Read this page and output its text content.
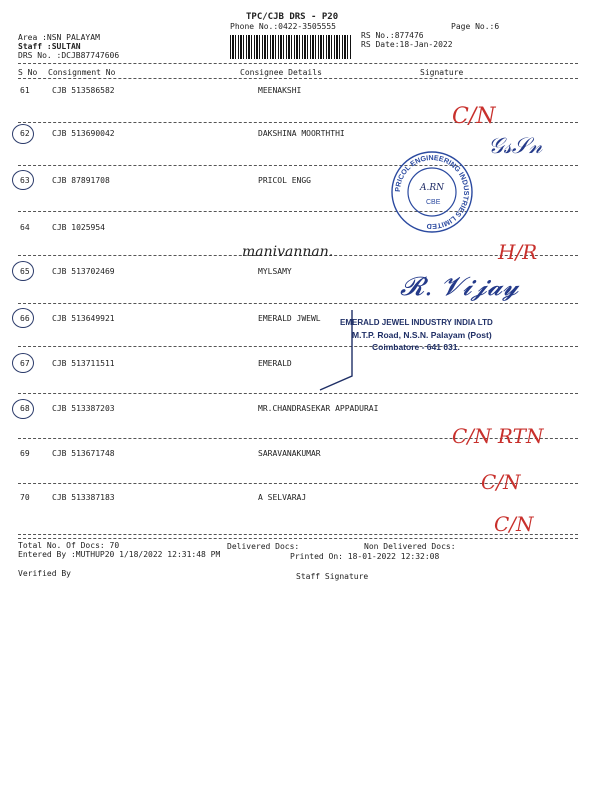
TPC/CJB DRS - P20
Phone No.:0422-3505555	Page No.:6
Area :NSN PALAYAM
Staff :SULTAN
DRS No. :DCJB87747606
RS No.:877476
RS Date:18-Jan-2022
S No Consignment No	Consignee Details	Signature
61	CJB 513586582	MEENAKSHI
62	CJB 513690042	DAKSHINA MOORTHTHI
63	CJB 87891708	PRICOL ENGG
64	CJB 1025954
65	CJB 513702469	MYLSAMY
66	CJB 513649921	EMERALD JWEWL
67	CJB 513711511	EMERALD
68	CJB 513387203	MR.CHANDRASEKAR APPADURAI
69	CJB 513671748	SARAVANAKUMAR
70	CJB 513387183	A SELVARAJ
C/N
𝒢𝓈𝒮𝓃
manivannan.	H/R
𝓡. 𝓥𝓲𝓳𝓪𝔂
C/N RTN
C/N
C/N
PRICOL ENGINEERING INDUSTRIES LIMITED
A.RN
CBE
EMERALD JEWEL INDUSTRY INDIA LTD
M.T.P. Road, N.S.N. Palayam (Post)
Coimbatore - 641 031.
Total No. Of Docs: 70	Delivered Docs:	Non Delivered Docs:
Entered By :MUTHUP20 1/18/2022 12:31:48 PM	Printed On: 18-01-2022 12:32:08
Verified By	Staff Signature
